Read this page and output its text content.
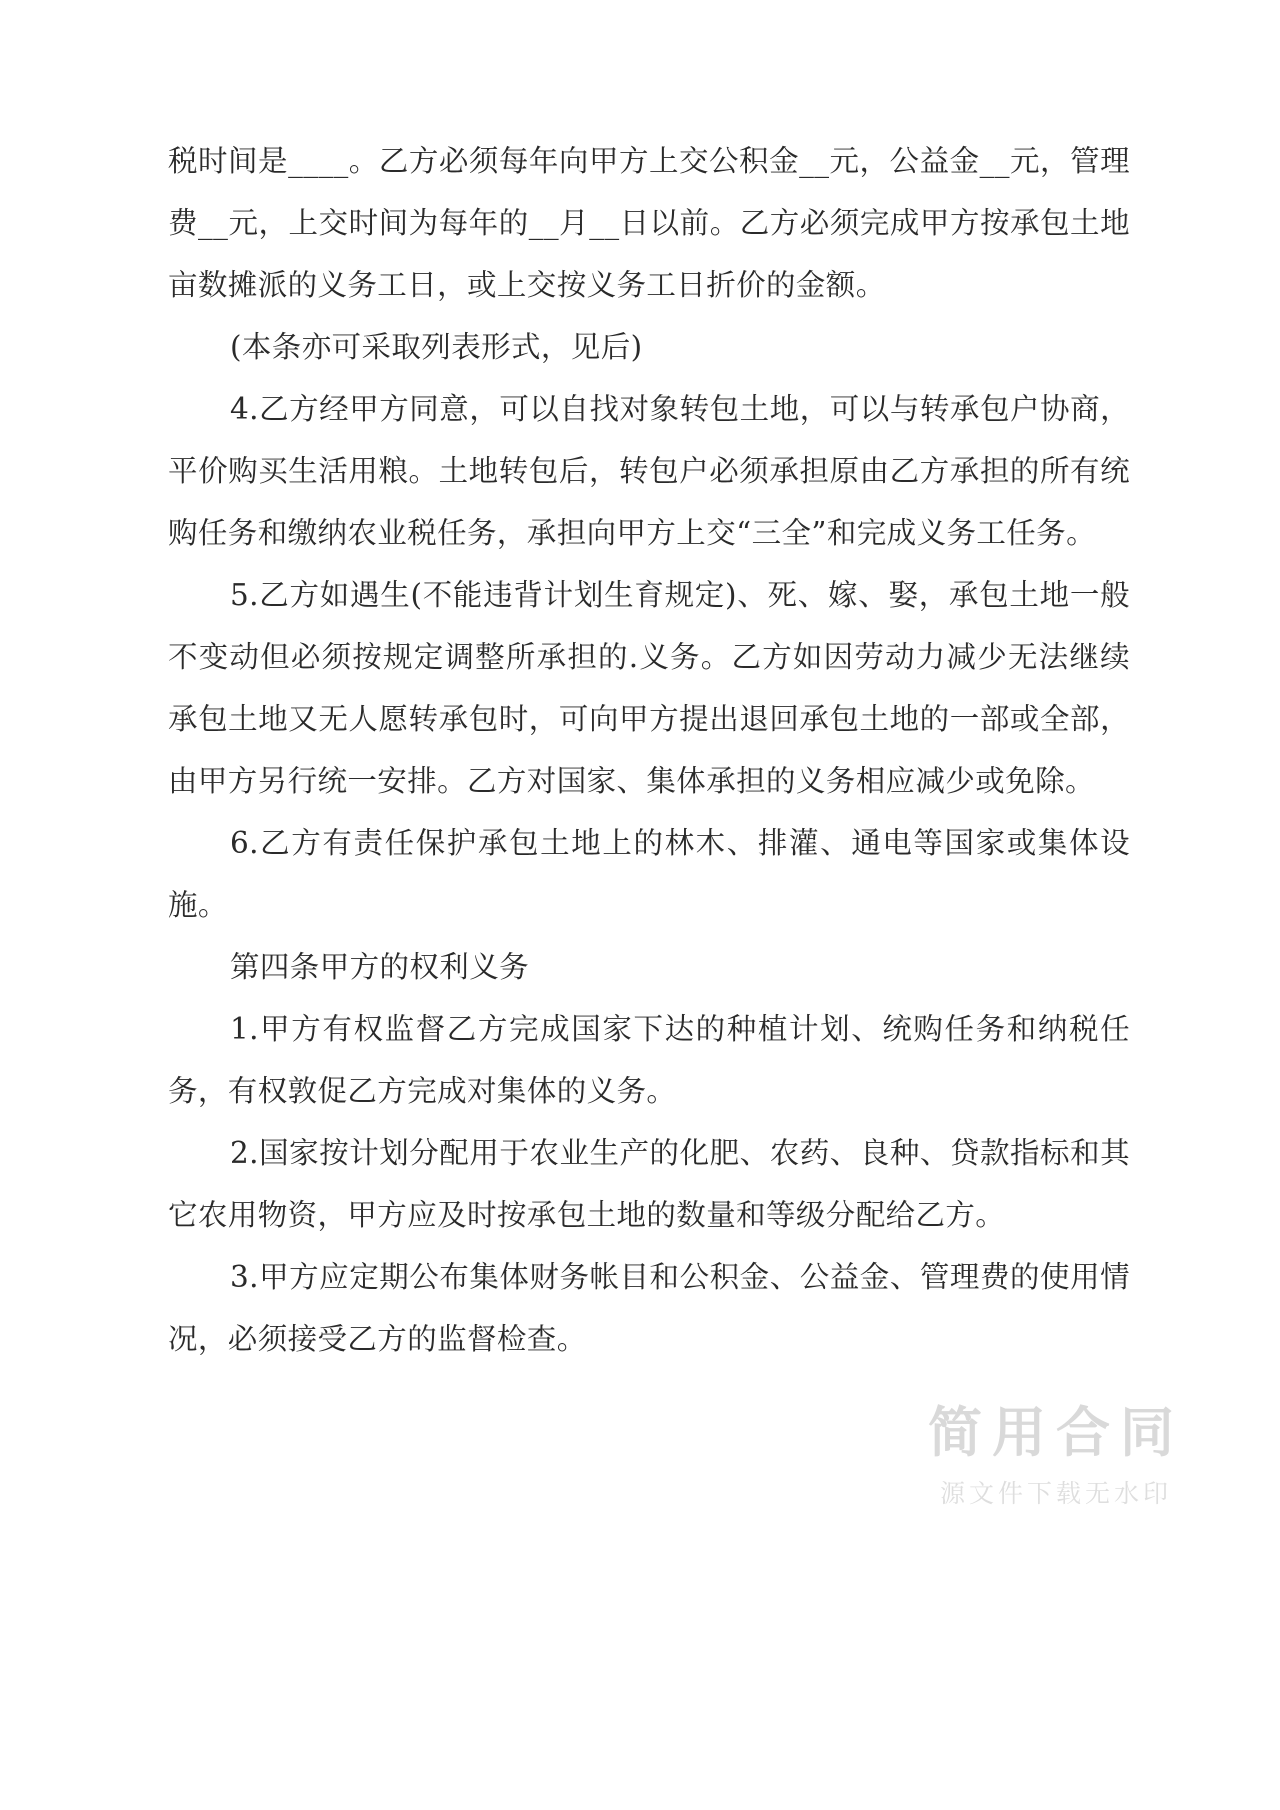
税时间是____。乙方必须每年向甲方上交公积金__元，公益金__元，管理费__元，上交时间为每年的__月__日以前。乙方必须完成甲方按承包土地亩数摊派的义务工日，或上交按义务工日折价的金额。

(本条亦可采取列表形式，见后)

4.乙方经甲方同意，可以自找对象转包土地，可以与转承包户协商，平价购买生活用粮。土地转包后，转包户必须承担原由乙方承担的所有统购任务和缴纳农业税任务，承担向甲方上交“三全”和完成义务工任务。

5.乙方如遇生(不能违背计划生育规定)、死、嫁、娶，承包土地一般不变动但必须按规定调整所承担的.义务。乙方如因劳动力减少无法继续承包土地又无人愿转承包时，可向甲方提出退回承包土地的一部或全部，由甲方另行统一安排。乙方对国家、集体承担的义务相应减少或免除。

6.乙方有责任保护承包土地上的林木、排灌、通电等国家或集体设施。

第四条甲方的权利义务

1.甲方有权监督乙方完成国家下达的种植计划、统购任务和纳税任务，有权敦促乙方完成对集体的义务。

2.国家按计划分配用于农业生产的化肥、农药、良种、贷款指标和其它农用物资，甲方应及时按承包土地的数量和等级分配给乙方。

3.甲方应定期公布集体财务帐目和公积金、公益金、管理费的使用情况，必须接受乙方的监督检查。

简用合同
源文件下载无水印
